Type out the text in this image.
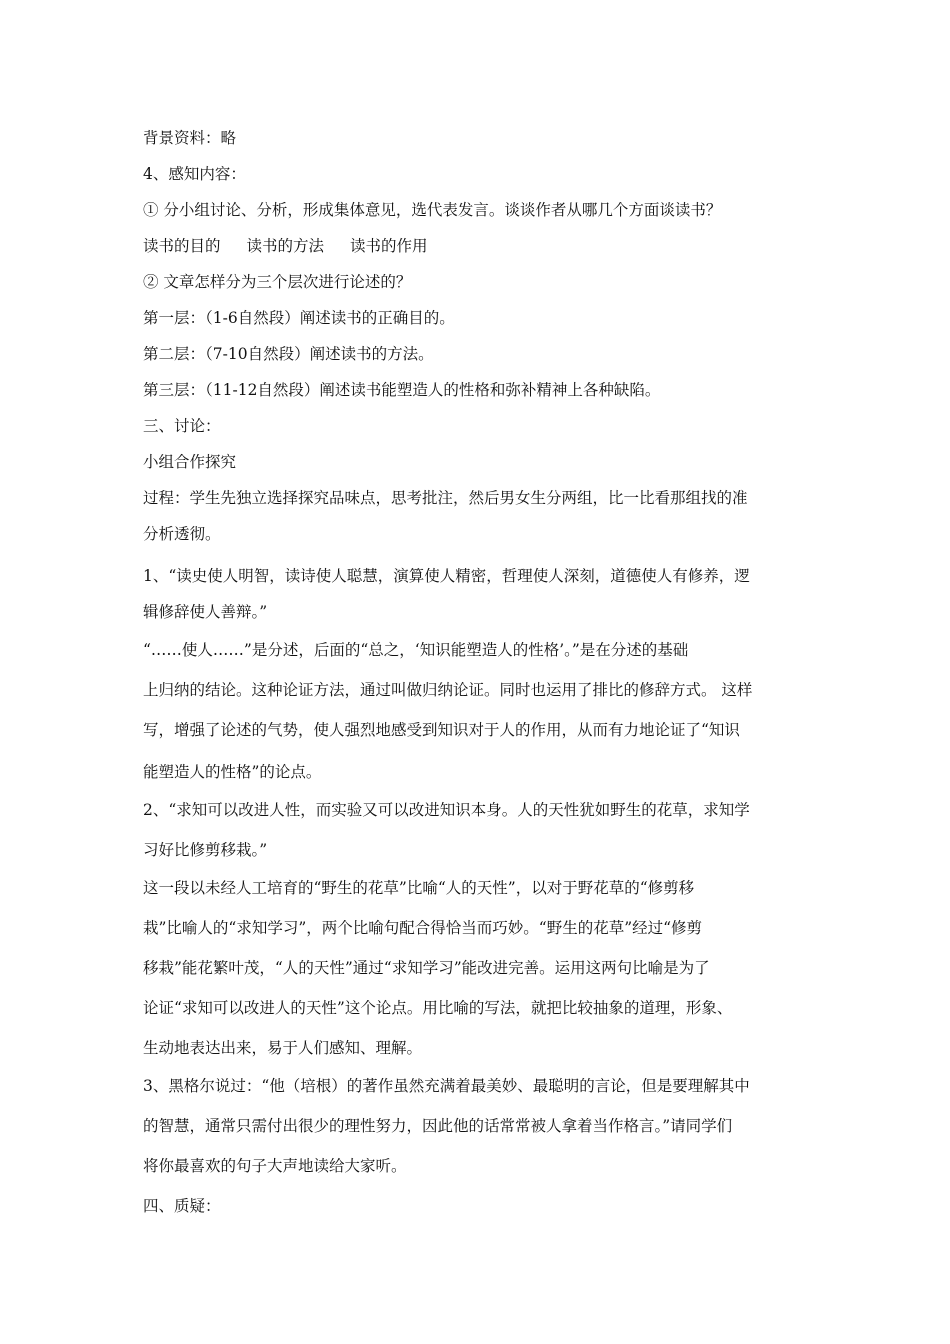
背景资料：略
4、感知内容：
① 分小组讨论、分析，形成集体意见，选代表发言。谈谈作者从哪几个方面谈读书？
读书的目的 读书的方法 读书的作用
② 文章怎样分为三个层次进行论述的？
第一层：（1-6自然段）阐述读书的正确目的。
第二层：（7-10自然段）阐述读书的方法。
第三层：（11-12自然段）阐述读书能塑造人的性格和弥补精神上各种缺陷。
三、讨论：
小组合作探究
过程：学生先独立选择探究品味点，思考批注，然后男女生分两组，比一比看那组找的准
分析透彻。
1、“读史使人明智，读诗使人聪慧，演算使人精密，哲理使人深刻，道德使人有修养，逻
辑修辞使人善辩。”
“……使人……”是分述，后面的“总之，‘知识能塑造人的性格’。”是在分述的基础
上归纳的结论。这种论证方法，通过叫做归纳论证。同时也运用了排比的修辞方式。 这样
写，增强了论述的气势，使人强烈地感受到知识对于人的作用，从而有力地论证了“知识
能塑造人的性格”的论点。
2、“求知可以改进人性，而实验又可以改进知识本身。人的天性犹如野生的花草，求知学
习好比修剪移栽。”
这一段以未经人工培育的“野生的花草”比喻“人的天性”，以对于野花草的“修剪移
栽”比喻人的“求知学习”，两个比喻句配合得恰当而巧妙。“野生的花草”经过“修剪
移栽”能花繁叶茂，“人的天性”通过“求知学习”能改进完善。运用这两句比喻是为了
论证“求知可以改进人的天性”这个论点。用比喻的写法，就把比较抽象的道理，形象、
生动地表达出来，易于人们感知、理解。
3、黑格尔说过：“他（培根）的著作虽然充满着最美妙、最聪明的言论，但是要理解其中
的智慧，通常只需付出很少的理性努力，因此他的话常常被人拿着当作格言。”请同学们
将你最喜欢的句子大声地读给大家听。
四、质疑：
